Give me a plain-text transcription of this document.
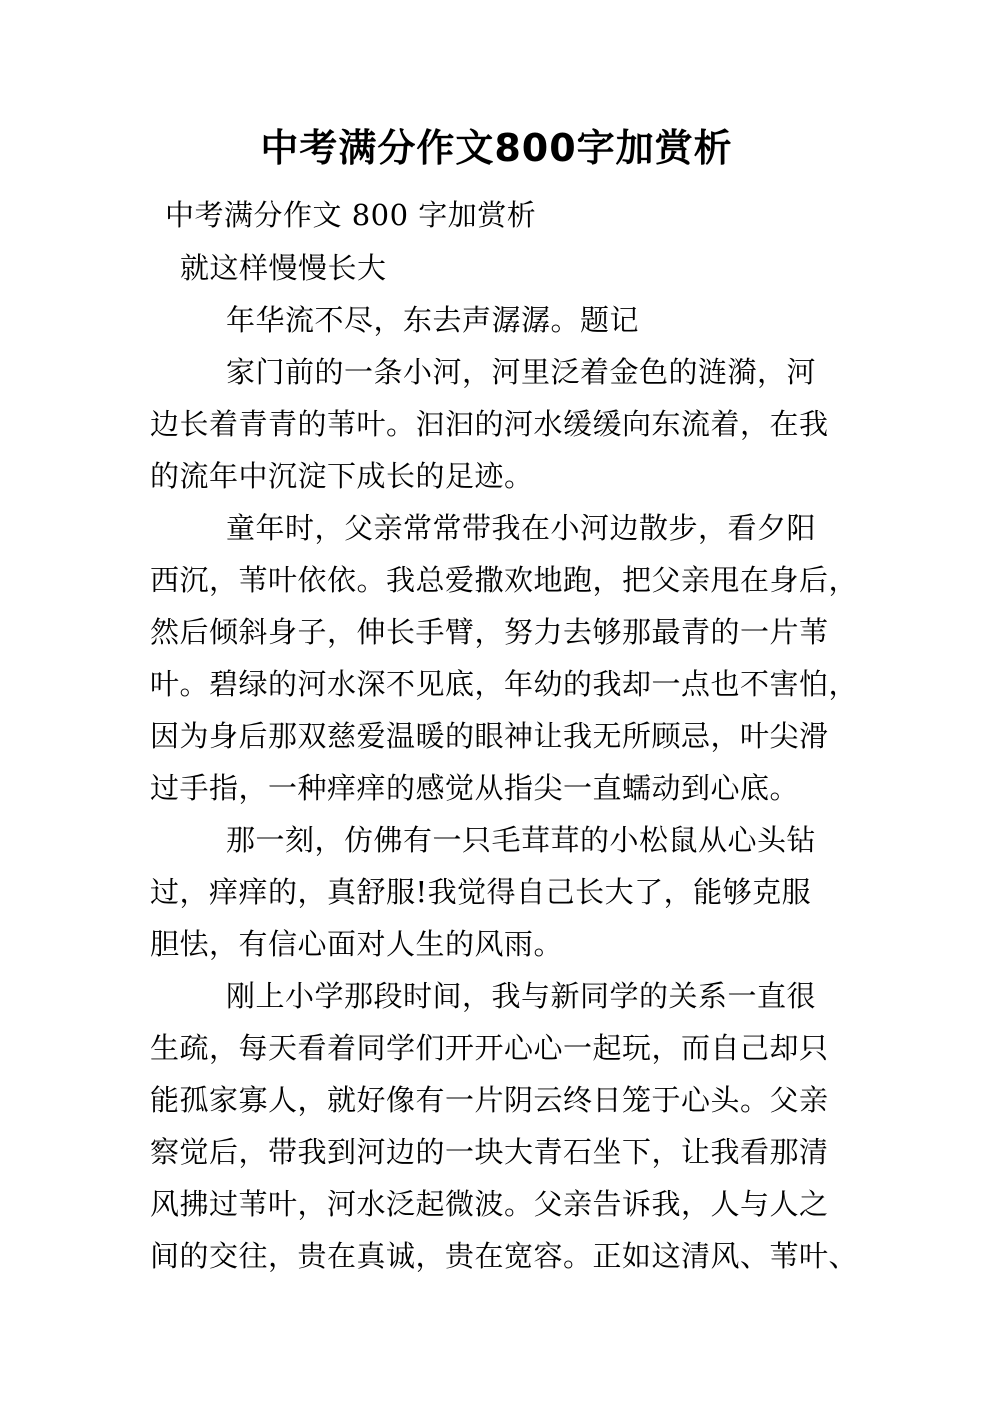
中考满分作文800字加赏析
中考满分作文 800 字加赏析
就这样慢慢长大
年华流不尽，东去声潺潺。题记
家门前的一条小河，河里泛着金色的涟漪，河
边长着青青的苇叶。汩汩的河水缓缓向东流着，在我
的流年中沉淀下成长的足迹。
童年时，父亲常常带我在小河边散步，看夕阳
西沉，苇叶依依。我总爱撒欢地跑，把父亲甩在身后，
然后倾斜身子，伸长手臂，努力去够那最青的一片苇
叶。碧绿的河水深不见底，年幼的我却一点也不害怕，
因为身后那双慈爱温暖的眼神让我无所顾忌，叶尖滑
过手指，一种痒痒的感觉从指尖一直蠕动到心底。
那一刻，仿佛有一只毛茸茸的小松鼠从心头钻
过，痒痒的，真舒服!我觉得自己长大了，能够克服
胆怯，有信心面对人生的风雨。
刚上小学那段时间，我与新同学的关系一直很
生疏，每天看着同学们开开心心一起玩，而自己却只
能孤家寡人，就好像有一片阴云终日笼于心头。父亲
察觉后，带我到河边的一块大青石坐下，让我看那清
风拂过苇叶，河水泛起微波。父亲告诉我，人与人之
间的交往，贵在真诚，贵在宽容。正如这清风、苇叶、
